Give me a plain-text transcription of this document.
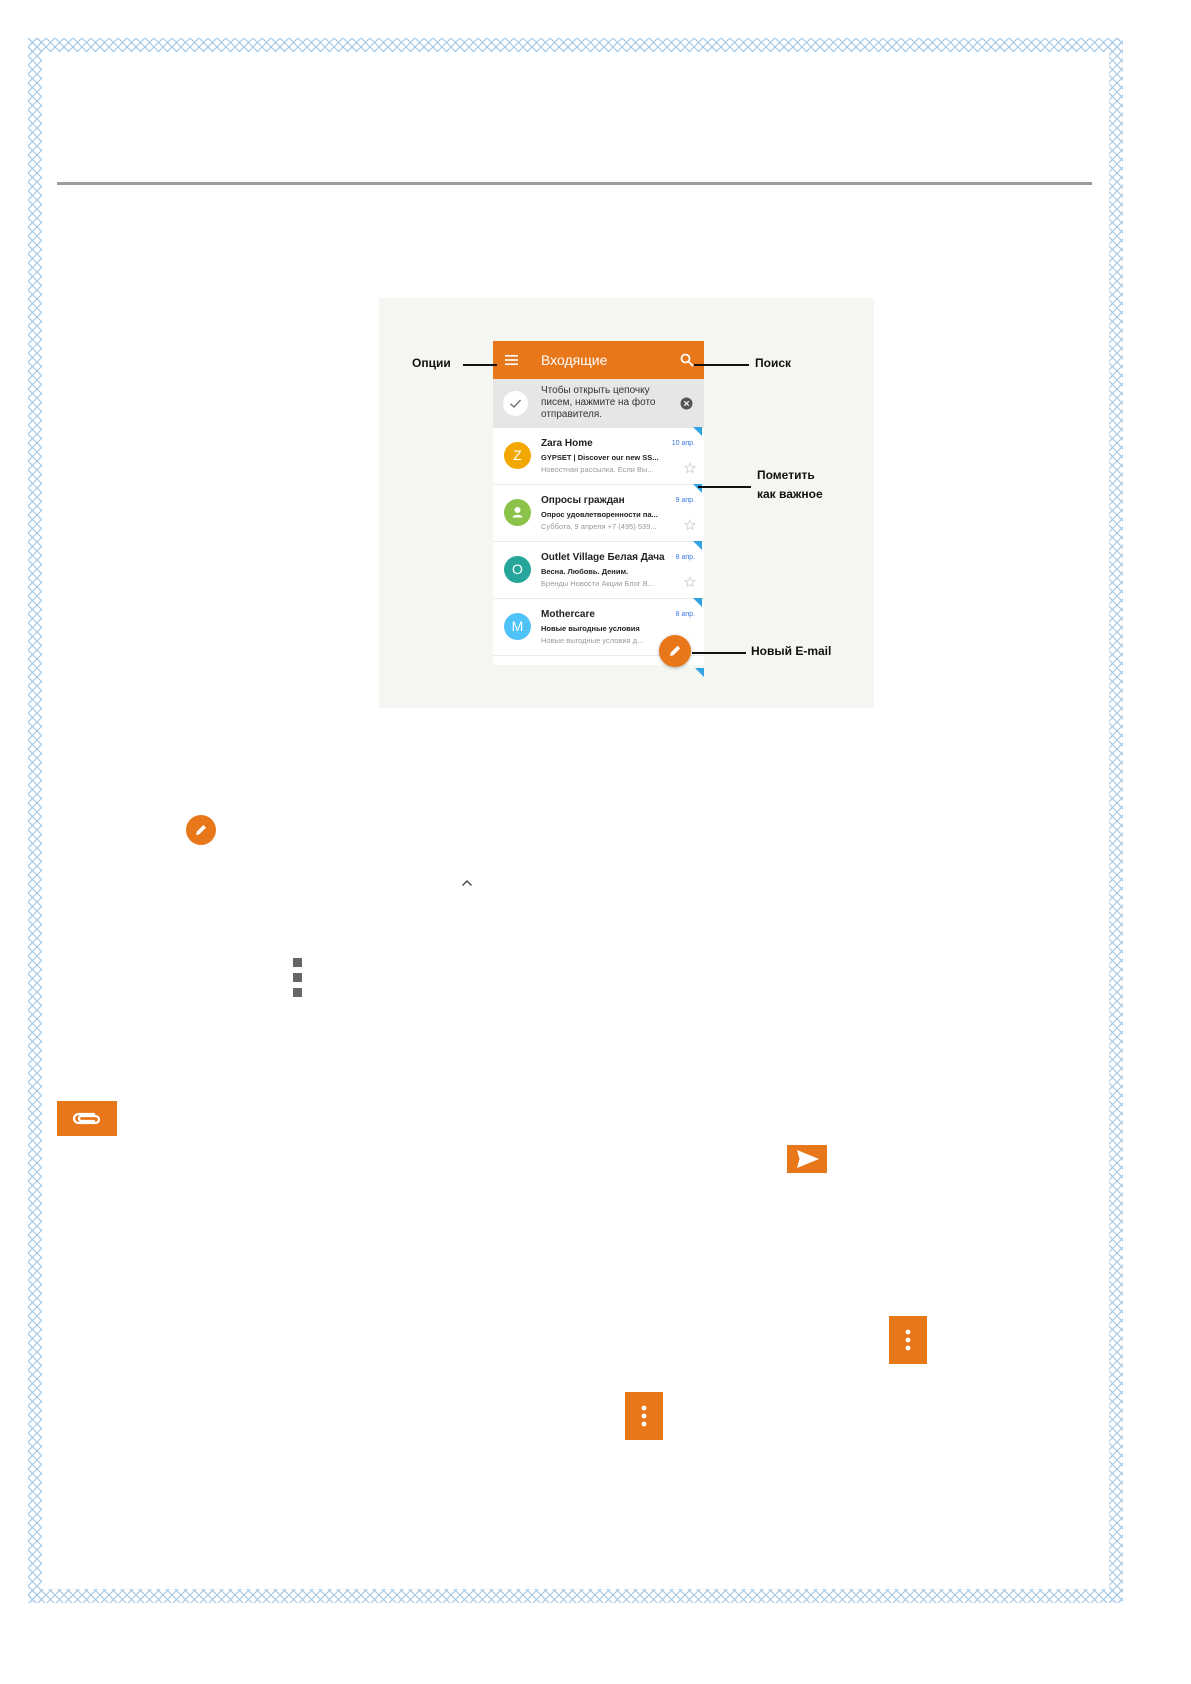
Входящие
Чтобы открыть цепочку писем, нажмите на фото отправителя.
Z
Zara Home	10 апр.
GYPSET | Discover our new SS...
Новостная рассылка. Если Вы...
Опросы граждан	9 апр.
Опрос удовлетворенности па...
Суббота, 9 апреля +7 (495) 539...
O
Outlet Village Белая Дача 8 апр.
Весна. Любовь. Деним.
Бренды Новости Акции Блог В...
M
Mothercare	8 апр.
Новые выгодные условия
Новые выгодные условия д...
Опции	Поиск
Пометить
как важное
Новый E-mail
